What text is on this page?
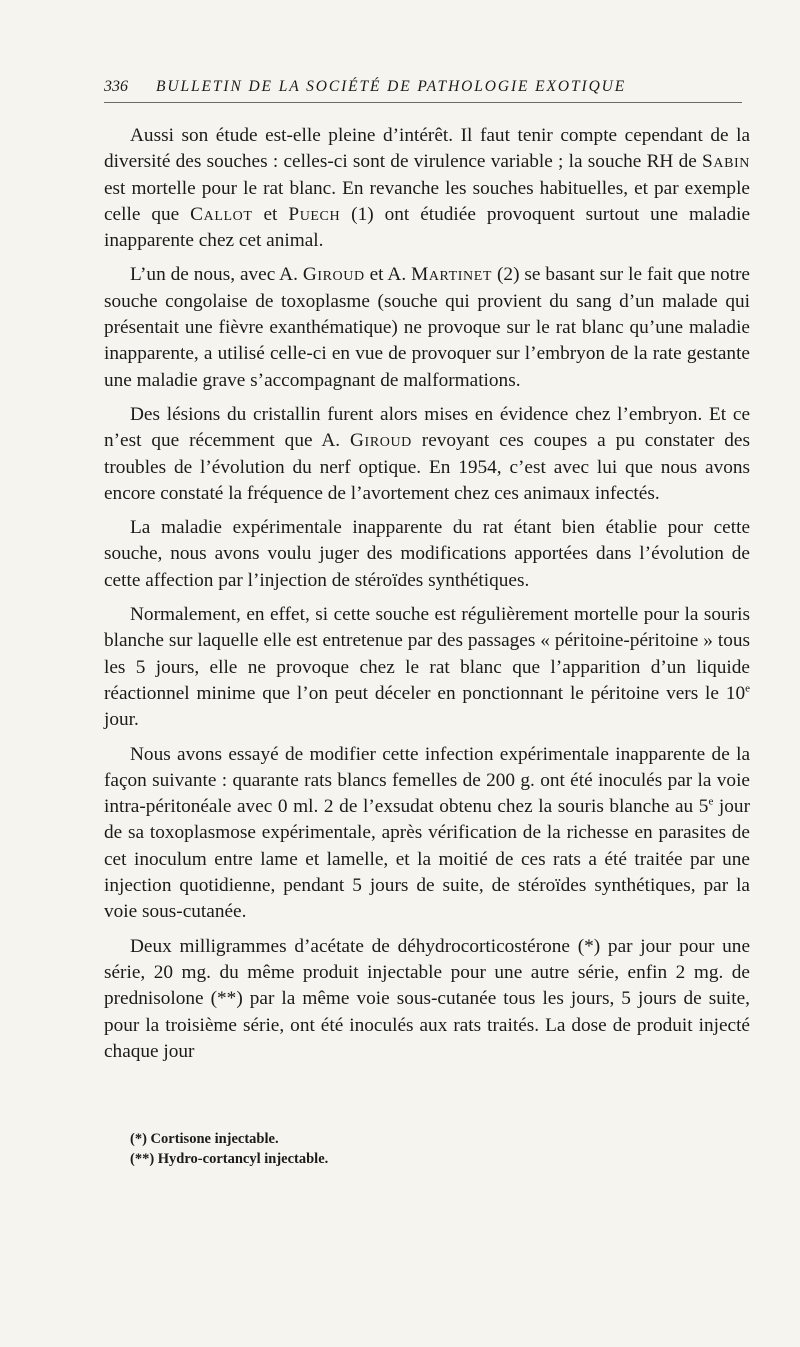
336	BULLETIN DE LA SOCIÉTÉ DE PATHOLOGIE EXOTIQUE

Aussi son étude est-elle pleine d’intérêt. Il faut tenir compte cependant de la diversité des souches : celles-ci sont de virulence variable ; la souche RH de Sabin est mortelle pour le rat blanc. En revanche les souches habituelles, et par exemple celle que Callot et Puech (1) ont étudiée provoquent surtout une maladie inapparente chez cet animal.

L’un de nous, avec A. Giroud et A. Martinet (2) se basant sur le fait que notre souche congolaise de toxoplasme (souche qui provient du sang d’un malade qui présentait une fièvre exanthématique) ne provoque sur le rat blanc qu’une maladie inapparente, a utilisé celle-ci en vue de provoquer sur l’embryon de la rate gestante une maladie grave s’accompagnant de malformations.

Des lésions du cristallin furent alors mises en évidence chez l’embryon. Et ce n’est que récemment que A. Giroud revoyant ces coupes a pu constater des troubles de l’évolution du nerf optique. En 1954, c’est avec lui que nous avons encore constaté la fréquence de l’avortement chez ces animaux infectés.

La maladie expérimentale inapparente du rat étant bien établie pour cette souche, nous avons voulu juger des modifications apportées dans l’évolution de cette affection par l’injection de stéroïdes synthétiques.

Normalement, en effet, si cette souche est régulièrement mortelle pour la souris blanche sur laquelle elle est entretenue par des passages « péritoine-péritoine » tous les 5 jours, elle ne provoque chez le rat blanc que l’apparition d’un liquide réactionnel minime que l’on peut déceler en ponctionnant le péritoine vers le 10e jour.

Nous avons essayé de modifier cette infection expérimentale inapparente de la façon suivante : quarante rats blancs femelles de 200 g. ont été inoculés par la voie intra-péritonéale avec 0 ml. 2 de l’exsudat obtenu chez la souris blanche au 5e jour de sa toxoplasmose expérimentale, après vérification de la richesse en parasites de cet inoculum entre lame et lamelle, et la moitié de ces rats a été traitée par une injection quotidienne, pendant 5 jours de suite, de stéroïdes synthétiques, par la voie sous-cutanée.

Deux milligrammes d’acétate de déhydrocorticostérone (*) par jour pour une série, 20 mg. du même produit injectable pour une autre série, enfin 2 mg. de prednisolone (**) par la même voie sous-cutanée tous les jours, 5 jours de suite, pour la troisième série, ont été inoculés aux rats traités. La dose de produit injecté chaque jour

(*) Cortisone injectable.

(**) Hydro-cortancyl injectable.
